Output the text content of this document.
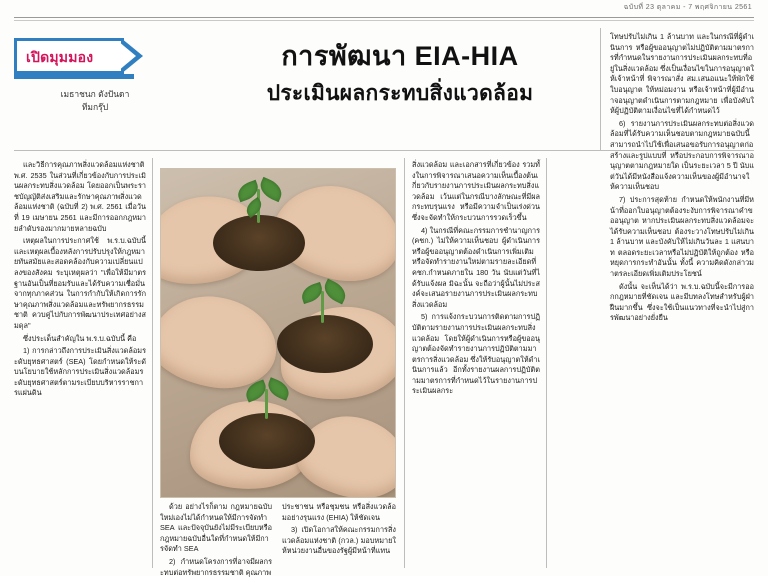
ฉบับที่ 23 ตุลาคม - 7 พฤศจิกายน 2561
เปิดมุมมอง
เมธาชนก ตังปันดา
ทีมกรุ๊ป
การพัฒนา EIA-HIA
ประเมินผลกระทบสิ่งแวดล้อม

และวิธีการคุณภาพสิ่งแวดล้อมแห่งชาติ พ.ศ. 2535 ในส่วนที่เกี่ยวข้องกับการประเมินผลกระทบสิ่งแวดล้อม โดยออกเป็นพระราชบัญญัติส่งเสริมและรักษาคุณภาพสิ่งแวดล้อมแห่งชาติ (ฉบับที่ 2) พ.ศ. 2561 เมื่อวันที่ 19 เมษายน 2561 และมีการออกกฎหมายลำดับรองมากมายหลายฉบับ

เหตุผลในการประกาศใช้ พ.ร.บ.ฉบับนี้ และเหตุผลเบื้องหลังการปรับปรุงให้กฎหมายทันสมัยและสอดคล้องกับความเปลี่ยนแปลงของสังคม ระบุเหตุผลว่า "เพื่อให้มีมาตรฐานอันเป็นที่ยอมรับและได้รับความเชื่อมั่นจากทุกภาคส่วน ในการกำกับให้เกิดการรักษาคุณภาพสิ่งแวดล้อมและทรัพยากรธรรมชาติ ควบคู่ไปกับการพัฒนาประเทศอย่างสมดุล"

ซึ่งประเด็นสำคัญใน พ.ร.บ.ฉบับนี้ คือ

1) การกล่าวถึงการประเมินสิ่งแวดล้อมระดับยุทธศาสตร์ (SEA) โดยกำหนดให้ระดับนโยบายใช้หลักการประเมินสิ่งแวดล้อมระดับยุทธศาสตร์ตามระเบียบบริหารราชการแผ่นดิน

ด้วย อย่างไรก็ตาม กฎหมายฉบับใหม่เองไม่ได้กำหนดให้มีการจัดทำ SEA และปัจจุบันยังไม่มีระเบียบหรือกฎหมายฉบับอื่นใดที่กำหนดให้มีการจัดทำ SEA

2) กำหนดโครงการที่อาจมีผลกระทบต่อทรัพยากรธรรมชาติ คุณภาพ

ประชาชน หรือชุมชน หรือสิ่งแวดล้อมอย่างรุนแรง (EHIA) ให้ชัดเจน

3) เปิดโอกาสให้คณะกรรมการสิ่งแวดล้อมแห่งชาติ (กวล.) มอบหมายให้หน่วยงานอื่นของรัฐผู้มีหน้าที่แทน

สิ่งแวดล้อม และเอกสารที่เกี่ยวข้อง รวมทั้งในการพิจารณาเสนอความเห็นเบื้องต้นเกี่ยวกับรายงานการประเมินผลกระทบสิ่งแวดล้อม เว้นแต่ในกรณีบางลักษณะที่มีผลกระทบรุนแรง หรือมีความจำเป็นเร่งด่วน ซึ่งจะจัดทำให้กระบวนการรวดเร็วขึ้น

4) ในกรณีที่คณะกรรมการชำนาญการ (คชก.) ไม่ให้ความเห็นชอบ ผู้ดำเนินการ หรือผู้ขออนุญาตต้องดำเนินการเพิ่มเติม หรือจัดทำรายงานใหม่ตามรายละเอียดที่ คชก.กำหนดภายใน 180 วัน นับแต่วันที่ได้รับแจ้งผล มิฉะนั้น จะถือว่าผู้นั้นไม่ประสงค์จะเสนอรายงานการประเมินผลกระทบสิ่งแวดล้อม

5) การแจ้งกระบวนการติดตามการปฏิบัติตามรายงานการประเมินผลกระทบสิ่งแวดล้อม โดยให้ผู้ดำเนินการหรือผู้ขออนุญาตต้องจัดทำรายงานการปฏิบัติตามมาตรการสิ่งแวดล้อม ซึ่งให้รับอนุญาตให้ดำเนินการแล้ว อีกทั้งรายงานผลการปฏิบัติตามมาตรการที่กำหนดไว้ในรายงานการประเมินผลกระ

โทษปรับไม่เกิน 1 ล้านบาท และในกรณีที่ผู้ดำเนินการ หรือผู้ขออนุญาตไม่ปฏิบัติตามมาตรการที่กำหนดในรายงานการประเมินผลกระทบที่อยู่ในสิ่งแวดล้อม ซึ่งเป็นเงื่อนไขในการอนุญาตให้เจ้าหน้าที่ พิจารณาสั่ง สม.เสนอแนะให้พักใช้ใบอนุญาต ให้หม่อมงาน หรือเจ้าหน้าที่ผู้มีอำนาจอนุญาตดำเนินการตามกฎหมาย เพื่อบังคับให้ผู้ปฏิบัติตามเงื่อนไขที่ได้กำหนดไว้

6) รายงานการประเมินผลกระทบต่อสิ่งแวดล้อมที่ได้รับความเห็นชอบตามกฎหมายฉบับนี้ สามารถนำไปใช้เพื่อเสนอขอรับการอนุญาตก่อสร้างและรูปแบบที่ หรือประกอบการพิจารณาอนุญาตตามกฎหมายใด เป็นระยะเวลา 5 ปี นับแต่วันได้มีหนังสือแจ้งความเห็นของผู้มีอำนาจให้ความเห็นชอบ

7) ประการสุดท้าย กำหนดให้พนักงานที่มีหน้าที่ออกใบอนุญาตต้องระงับการพิจารณาคำขออนุญาต หากประเมินผลกระทบสิ่งแวดล้อมจะได้รับความเห็นชอบ ต้องระวางโทษปรับไม่เกิน 1 ล้านบาท และบังคับให้ไม่เกินวันละ 1 แสนบาท ตลอดระยะเวลาหรือไม่ปฏิบัติให้ถูกต้อง หรือหยุดการกระทำอันนั้น ทั้งนี้ ความคิดดังกล่าวมาตรละเอียดเพิ่มเติมประโยชน์

ดังนั้น จะเห็นได้ว่า พ.ร.บ.ฉบับนี้จะมีการออกกฎหมายที่ชัดเจน และมีบทลงโทษสำหรับผู้ฝ่าฝืนมากขึ้น ซึ่งจะใช้เป็นแนวทางที่จะนำไปสู่การพัฒนาอย่างยั่งยืน
